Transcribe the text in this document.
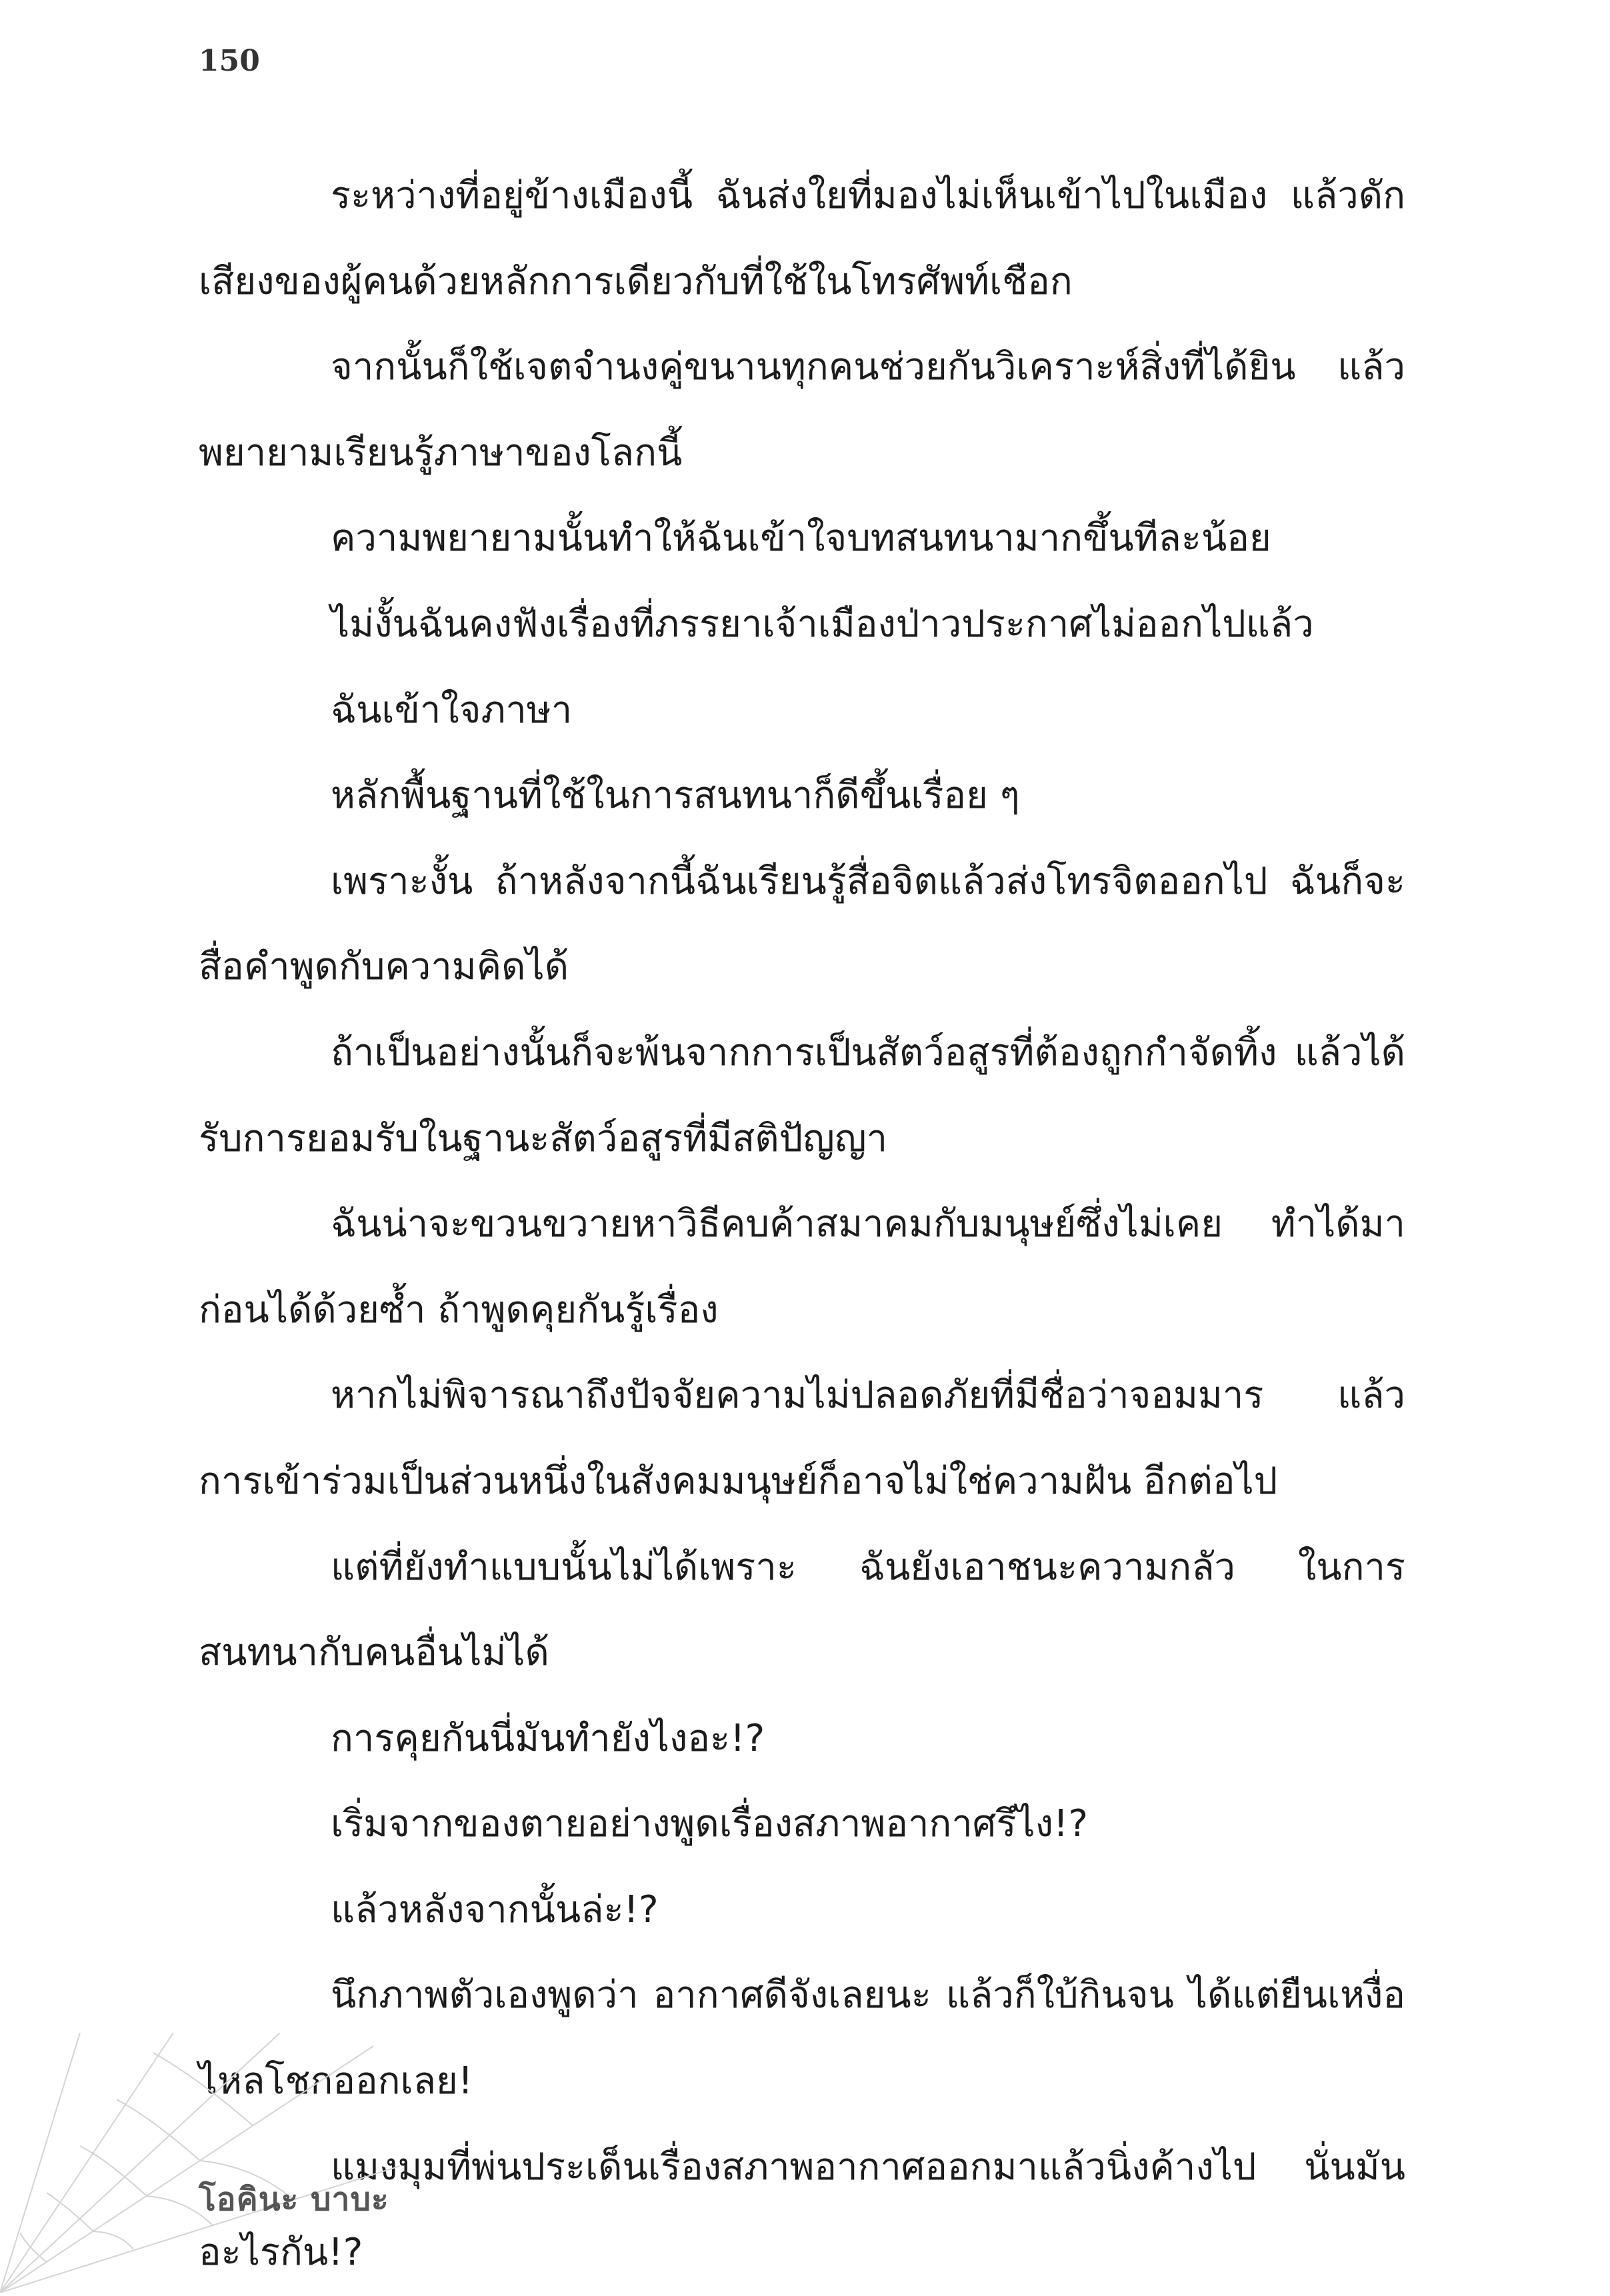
150

ระหว่างที่อยู่ข้างเมืองนี้ ฉันส่งใยที่มองไม่เห็นเข้าไปในเมือง แล้วดักเสียงของผู้คนด้วยหลักการเดียวกับที่ใช้ในโทรศัพท์เชือก

จากนั้นก็ใช้เจตจำนงคู่ขนานทุกคนช่วยกันวิเคราะห์สิ่งที่ได้ยิน แล้วพยายามเรียนรู้ภาษาของโลกนี้

ความพยายามนั้นทำให้ฉันเข้าใจบทสนทนามากขึ้นทีละน้อย

ไม่งั้นฉันคงฟังเรื่องที่ภรรยาเจ้าเมืองป่าวประกาศไม่ออกไปแล้ว

ฉันเข้าใจภาษา

หลักพื้นฐานที่ใช้ในการสนทนาก็ดีขึ้นเรื่อย ๆ

เพราะงั้น ถ้าหลังจากนี้ฉันเรียนรู้สื่อจิตแล้วส่งโทรจิตออกไป ฉันก็จะสื่อคำพูดกับความคิดได้

ถ้าเป็นอย่างนั้นก็จะพ้นจากการเป็นสัตว์อสูรที่ต้องถูกกำจัดทิ้ง แล้วได้รับการยอมรับในฐานะสัตว์อสูรที่มีสติปัญญา

ฉันน่าจะขวนขวายหาวิธีคบค้าสมาคมกับมนุษย์ซึ่งไม่เคย ทำได้มาก่อนได้ด้วยซ้ำ ถ้าพูดคุยกันรู้เรื่อง

หากไม่พิจารณาถึงปัจจัยความไม่ปลอดภัยที่มีชื่อว่าจอมมาร แล้ว การเข้าร่วมเป็นส่วนหนึ่งในสังคมมนุษย์ก็อาจไม่ใช่ความฝัน อีกต่อไป

แต่ที่ยังทำแบบนั้นไม่ได้เพราะ ฉันยังเอาชนะความกลัว ในการสนทนากับคนอื่นไม่ได้

การคุยกันนี่มันทำยังไงอะ!?

เริ่มจากของตายอย่างพูดเรื่องสภาพอากาศรึไง!?

แล้วหลังจากนั้นล่ะ!?

นึกภาพตัวเองพูดว่า อากาศดีจังเลยนะ แล้วก็ใบ้กินจน ได้แต่ยืนเหงื่อไหลโชกออกเลย!

แมงมุมที่พ่นประเด็นเรื่องสภาพอากาศออกมาแล้วนิ่งค้างไป นั่นมันอะไรกัน!?

โอคินะ บาบะ
